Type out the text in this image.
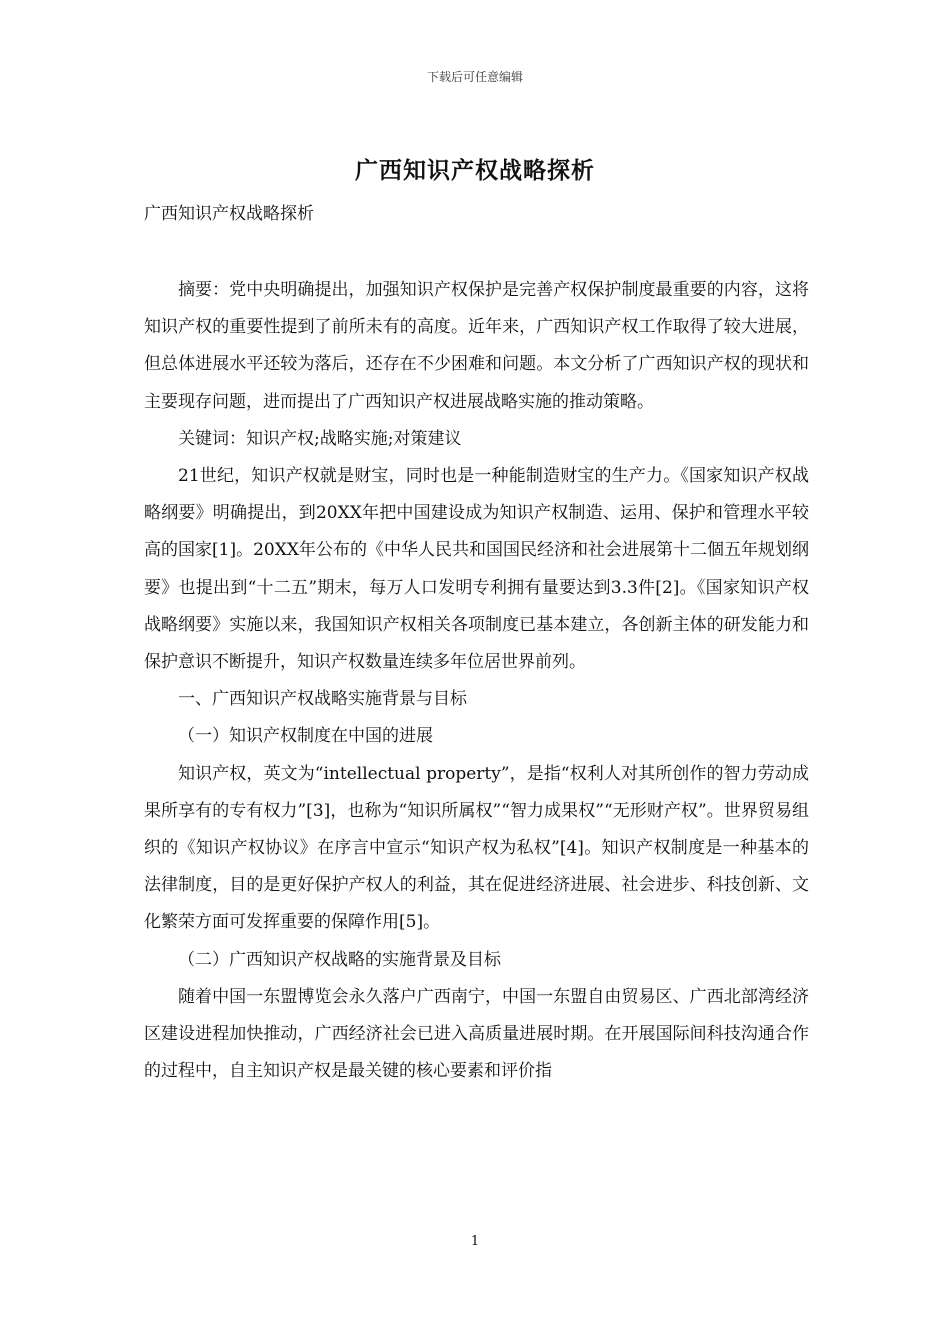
下载后可任意编辑
广西知识产权战略探析

广西知识产权战略探析

摘要：党中央明确提出，加强知识产权保护是完善产权保护制度最重要的内容，这将知识产权的重要性提到了前所未有的高度。近年来，广西知识产权工作取得了较大进展，但总体进展水平还较为落后，还存在不少困难和问题。本文分析了广西知识产权的现状和主要现存问题，进而提出了广西知识产权进展战略实施的推动策略。

关键词：知识产权;战略实施;对策建议

21世纪，知识产权就是财宝，同时也是一种能制造财宝的生产力。《国家知识产权战略纲要》明确提出，到20XX年把中国建设成为知识产权制造、运用、保护和管理水平较高的国家[1]。20XX年公布的《中华人民共和国国民经济和社会进展第十二個五年规划纲要》也提出到“十二五”期末，每万人口发明专利拥有量要达到3.3件[2]。《国家知识产权战略纲要》实施以来，我国知识产权相关各项制度已基本建立，各创新主体的研发能力和保护意识不断提升，知识产权数量连续多年位居世界前列。

一、广西知识产权战略实施背景与目标

（一）知识产权制度在中国的进展

知识产权，英文为“intellectual property”，是指“权利人对其所创作的智力劳动成果所享有的专有权力”[3]，也称为“知识所属权”“智力成果权”“无形财产权”。世界贸易组织的《知识产权协议》在序言中宣示“知识产权为私权”[4]。知识产权制度是一种基本的法律制度，目的是更好保护产权人的利益，其在促进经济进展、社会进步、科技创新、文化繁荣方面可发挥重要的保障作用[5]。

（二）广西知识产权战略的实施背景及目标

随着中国一东盟博览会永久落户广西南宁，中国一东盟自由贸易区、广西北部湾经济区建设进程加快推动，广西经济社会已进入高质量进展时期。在开展国际间科技沟通合作的过程中，自主知识产权是最关键的核心要素和评价指

1
